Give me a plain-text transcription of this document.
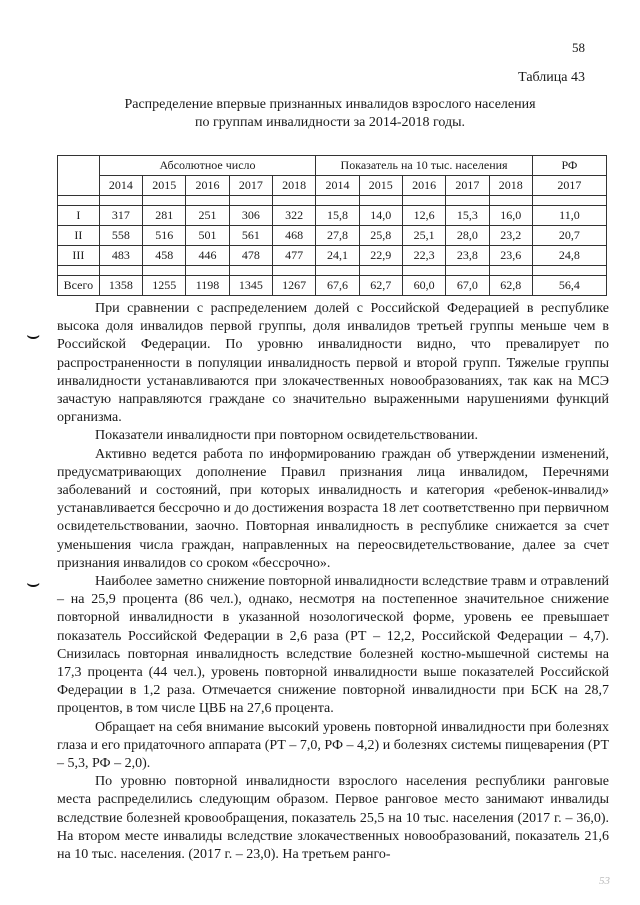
58
Таблица 43
Распределение впервые признанных инвалидов взрослого населения
по группам инвалидности за 2014-2018 годы.
	Абсолютное число					Показатель на 10 тыс. населения					РФ
	2014	2015	2016	2017	2018	2014	2015	2016	2017	2018	2017

I	317	281	251	306	322	15,8	14,0	12,6	15,3	16,0	11,0
II	558	516	501	561	468	27,8	25,8	25,1	28,0	23,2	20,7
III	483	458	446	478	477	24,1	22,9	22,3	23,8	23,6	24,8

Всего	1358	1255	1198	1345	1267	67,6	62,7	60,0	67,0	62,8	56,4
⌣
⌣

При сравнении с распределением долей с Российской Федерацией в республике высока доля инвалидов первой группы, доля инвалидов третьей группы меньше чем в Российской Федерации. По уровню инвалидности видно, что превалирует по распространенности в популяции инвалидность первой и второй групп. Тяжелые группы инвалидности устанавливаются при злокачественных новообразованиях, так как на МСЭ зачастую направляются граждане со значительно выраженными нарушениями функций организма.

Показатели инвалидности при повторном освидетельствовании.

Активно ведется работа по информированию граждан об утверждении изменений, предусматривающих дополнение Правил признания лица инвалидом, Перечнями заболеваний и состояний, при которых инвалидность и категория «ребенок-инвалид» устанавливается бессрочно и до достижения возраста 18 лет соответственно при первичном освидетельствовании, заочно. Повторная инвалидность в республике снижается за счет уменьшения числа граждан, направленных на переосвидетельствование, далее за счет признания инвалидов со сроком «бессрочно».

Наиболее заметно снижение повторной инвалидности вследствие травм и отравлений – на 25,9 процента (86 чел.), однако, несмотря на постепенное значительное снижение повторной инвалидности в указанной нозологической форме, уровень ее превышает показатель Российской Федерации в 2,6 раза (РТ – 12,2, Российской Федерации – 4,7). Снизилась повторная инвалидность вследствие болезней костно-мышечной системы на 17,3 процента (44 чел.), уровень повторной инвалидности выше показателей Российской Федерации в 1,2 раза. Отмечается снижение повторной инвалидности при БСК на 28,7 процентов, в том числе ЦВБ на 27,6 процента.

Обращает на себя внимание высокий уровень повторной инвалидности при болезнях глаза и его придаточного аппарата (РТ – 7,0, РФ – 4,2) и болезнях системы пищеварения (РТ – 5,3, РФ – 2,0).

По уровню повторной инвалидности взрослого населения республики ранговые места распределились следующим образом. Первое ранговое место занимают инвалиды вследствие болезней кровообращения, показатель 25,5 на 10 тыс. населения (2017 г. – 36,0). На втором месте инвалиды вследствие злокачественных новообразований, показатель 21,6 на 10 тыс. населения. (2017 г. – 23,0). На третьем ранго-

53
